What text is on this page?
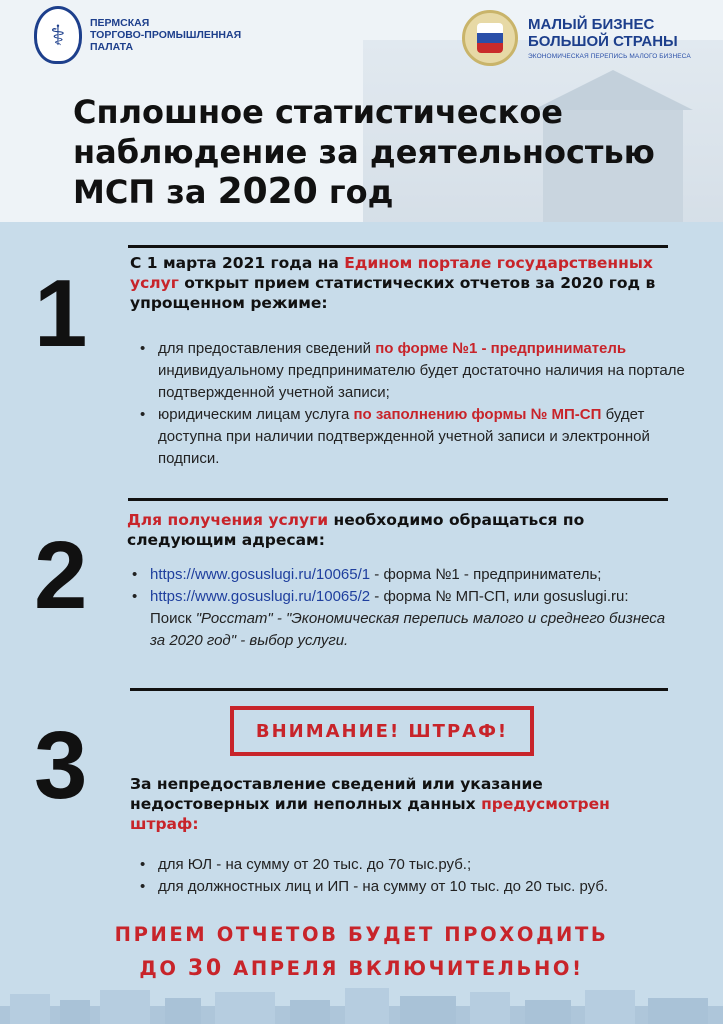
⚕	ПЕРМСКАЯ
ТОРГОВО-ПРОМЫШЛЕННАЯ
ПАЛАТА
МАЛЫЙ БИЗНЕС
БОЛЬШОЙ СТРАНЫ
ЭКОНОМИЧЕСКАЯ ПЕРЕПИСЬ МАЛОГО БИЗНЕСА
Сплошное статистическое
наблюдение за деятельностью
МСП за 2020 год
1	С 1 марта 2021 года на Едином портале государственных услуг открыт прием статистических отчетов за 2020 год в упрощенном режиме:

• для предоставления сведений по форме №1 - предприниматель индивидуальному предпринимателю будет достаточно наличия на портале подтвержденной учетной записи;
• юридическим лицам услуга по заполнению формы № МП-СП будет доступна при наличии подтвержденной учетной записи и электронной подписи.
2

Для получения услуги необходимо обращаться по следующим адресам:

• https://www.gosuslugi.ru/10065/1 - форма №1 - предприниматель;
• https://www.gosuslugi.ru/10065/2 - форма № МП-СП, или gosuslugi.ru: Поиск "Росстат" - "Экономическая перепись малого и среднего бизнеса за 2020 год" - выбор услуги.
3	ВНИМАНИЕ! ШТРАФ!

За непредоставление сведений или указание недостоверных или неполных данных предусмотрен штраф:

• для ЮЛ - на сумму от 20 тыс. до 70 тыс.руб.;
• для должностных лиц и ИП - на сумму от 10 тыс. до 20 тыс. руб.
ПРИЕМ ОТЧЕТОВ БУДЕТ ПРОХОДИТЬ
ДО 30 АПРЕЛЯ ВКЛЮЧИТЕЛЬНО!
